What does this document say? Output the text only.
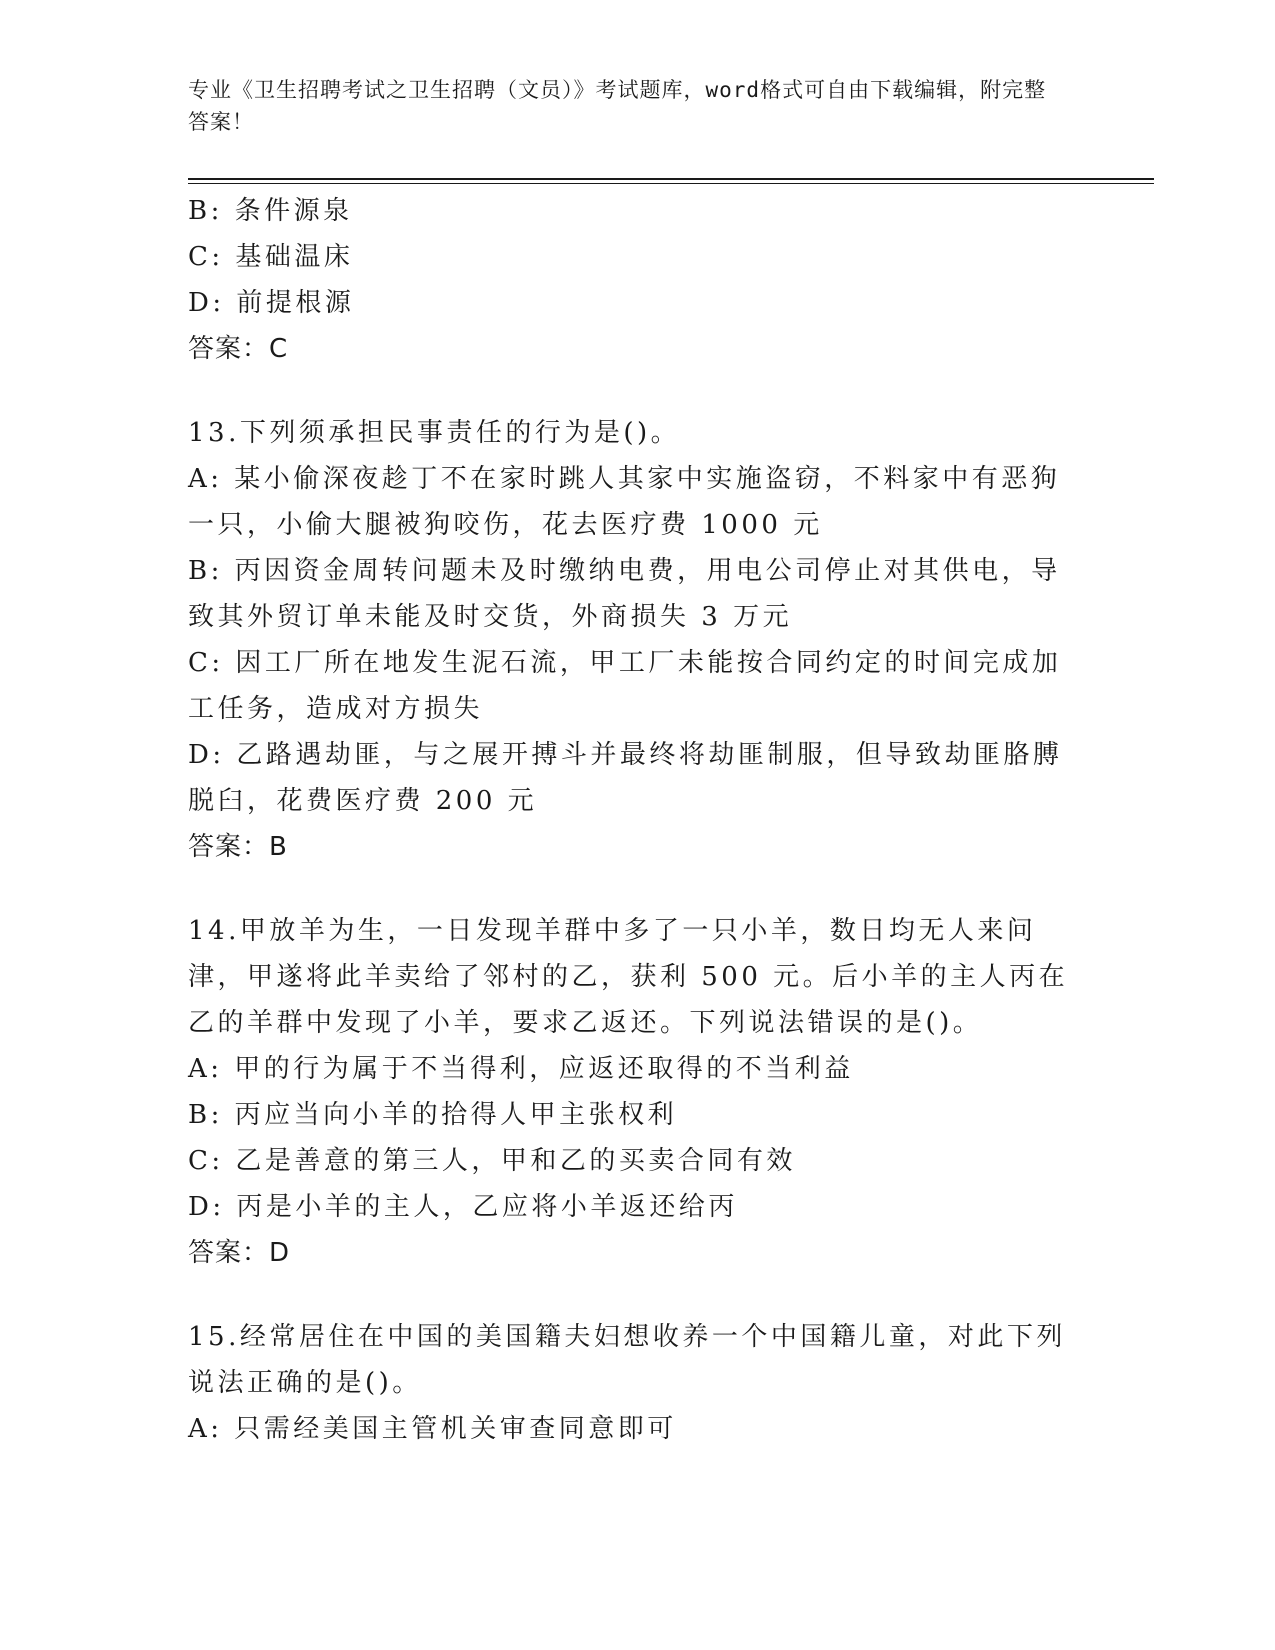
专业《卫生招聘考试之卫生招聘（文员）》考试题库，word格式可自由下载编辑，附完整答案！
B: 条件源泉
C: 基础温床
D: 前提根源
答案：C
13.下列须承担民事责任的行为是()。
A: 某小偷深夜趁丁不在家时跳人其家中实施盗窃，不料家中有恶狗一只，小偷大腿被狗咬伤，花去医疗费 1000 元
B: 丙因资金周转问题未及时缴纳电费，用电公司停止对其供电，导致其外贸订单未能及时交货，外商损失 3 万元
C: 因工厂所在地发生泥石流，甲工厂未能按合同约定的时间完成加工任务，造成对方损失
D: 乙路遇劫匪，与之展开搏斗并最终将劫匪制服，但导致劫匪胳膊脱臼，花费医疗费 200 元
答案：B
14.甲放羊为生，一日发现羊群中多了一只小羊，数日均无人来问津，甲遂将此羊卖给了邻村的乙，获利 500 元。后小羊的主人丙在乙的羊群中发现了小羊，要求乙返还。下列说法错误的是()。
A: 甲的行为属于不当得利，应返还取得的不当利益
B: 丙应当向小羊的拾得人甲主张权利
C: 乙是善意的第三人，甲和乙的买卖合同有效
D: 丙是小羊的主人，乙应将小羊返还给丙
答案：D
15.经常居住在中国的美国籍夫妇想收养一个中国籍儿童，对此下列说法正确的是()。
A: 只需经美国主管机关审查同意即可
